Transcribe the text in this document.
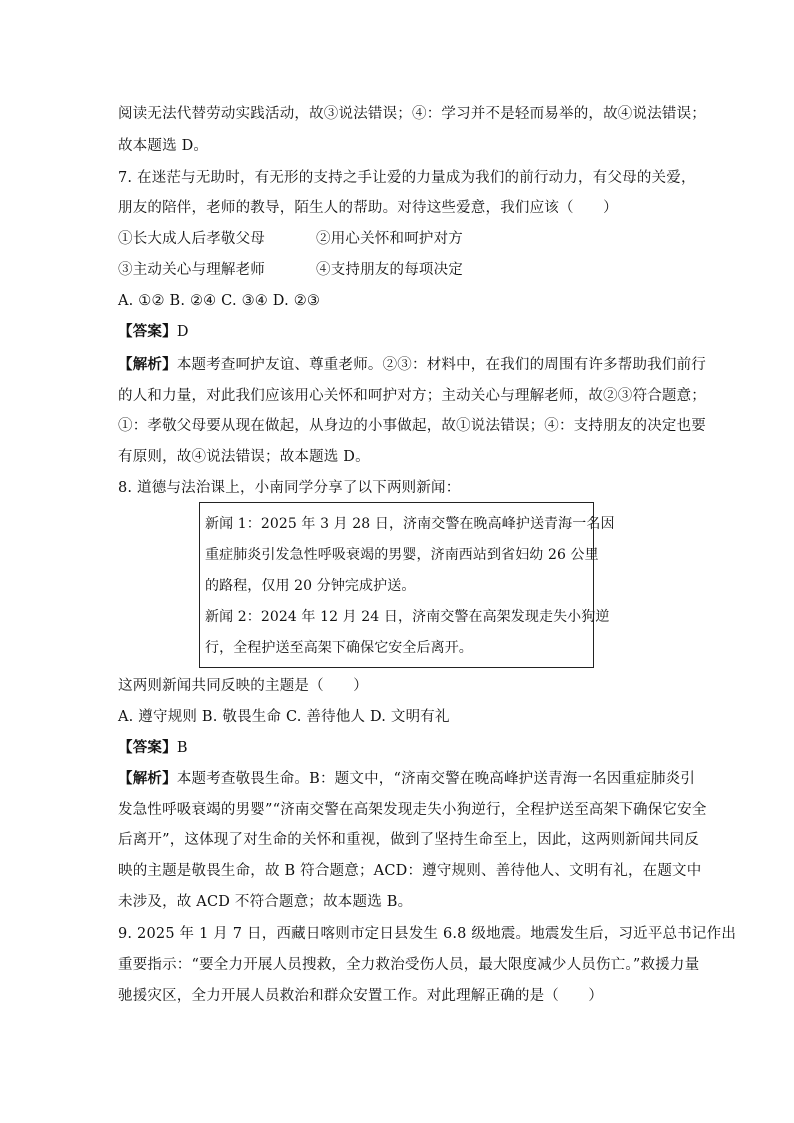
阅读无法代替劳动实践活动，故③说法错误；④：学习并不是轻而易举的，故④说法错误；
故本题选 D。
7. 在迷茫与无助时，有无形的支持之手让爱的力量成为我们的前行动力，有父母的关爱，
朋友的陪伴，老师的教导，陌生人的帮助。对待这些爱意，我们应该（　　）
①长大成人后孝敬父母	②用心关怀和呵护对方
③主动关心与理解老师	④支持朋友的每项决定
A. ①② B. ②④ C. ③④ D. ②③
【答案】D
【解析】本题考查呵护友谊、尊重老师。②③：材料中，在我们的周围有许多帮助我们前行
的人和力量，对此我们应该用心关怀和呵护对方；主动关心与理解老师，故②③符合题意；
①：孝敬父母要从现在做起，从身边的小事做起，故①说法错误；④：支持朋友的决定也要
有原则，故④说法错误；故本题选 D。
8. 道德与法治课上，小南同学分享了以下两则新闻：
新闻 1：2025 年 3 月 28 日，济南交警在晚高峰护送青海一名因
重症肺炎引发急性呼吸衰竭的男婴，济南西站到省妇幼 26 公里
的路程，仅用 20 分钟完成护送。
新闻 2：2024 年 12 月 24 日，济南交警在高架发现走失小狗逆
行，全程护送至高架下确保它安全后离开。
这两则新闻共同反映的主题是（　　）
A. 遵守规则 B. 敬畏生命 C. 善待他人 D. 文明有礼
【答案】B
【解析】本题考查敬畏生命。B：题文中，“济南交警在晚高峰护送青海一名因重症肺炎引
发急性呼吸衰竭的男婴”“济南交警在高架发现走失小狗逆行，全程护送至高架下确保它安全
后离开”，这体现了对生命的关怀和重视，做到了坚持生命至上，因此，这两则新闻共同反
映的主题是敬畏生命，故 B 符合题意；ACD：遵守规则、善待他人、文明有礼，在题文中
未涉及，故 ACD 不符合题意；故本题选 B。
9. 2025 年 1 月 7 日，西藏日喀则市定日县发生 6.8 级地震。地震发生后，习近平总书记作出
重要指示：“要全力开展人员搜救，全力救治受伤人员，最大限度减少人员伤亡。”救援力量
驰援灾区，全力开展人员救治和群众安置工作。对此理解正确的是（　　）
